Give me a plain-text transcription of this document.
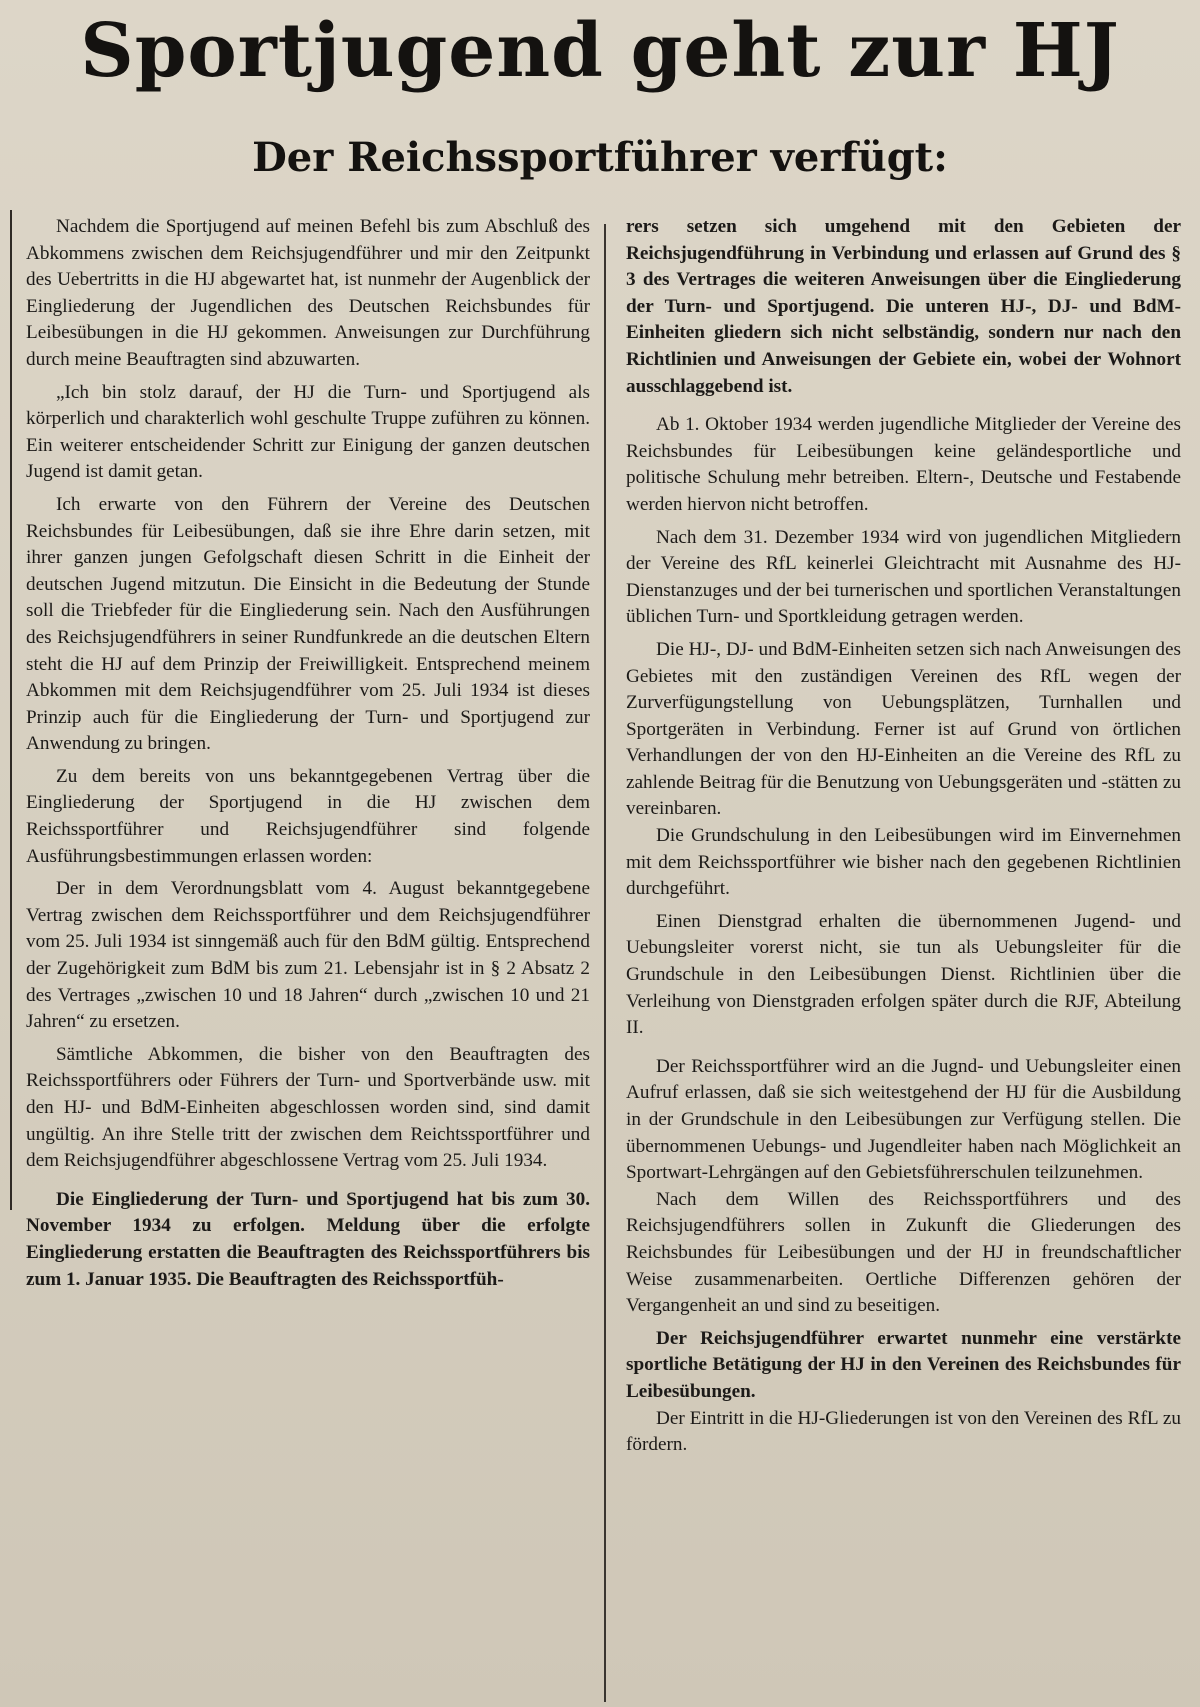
Sportjugend geht zur HJ
Der Reichssportführer verfügt:

Nachdem die Sportjugend auf meinen Befehl bis zum Abschluß des Abkommens zwischen dem Reichsjugendführer und mir den Zeitpunkt des Uebertritts in die HJ abgewartet hat, ist nunmehr der Augenblick der Eingliederung der Jugendlichen des Deutschen Reichsbundes für Leibesübungen in die HJ gekommen. Anweisungen zur Durchführung durch meine Beauftragten sind abzuwarten.

„Ich bin stolz darauf, der HJ die Turn- und Sportjugend als körperlich und charakterlich wohl geschulte Truppe zuführen zu können. Ein weiterer entscheidender Schritt zur Einigung der ganzen deutschen Jugend ist damit getan.

Ich erwarte von den Führern der Vereine des Deutschen Reichsbundes für Leibesübungen, daß sie ihre Ehre darin setzen, mit ihrer ganzen jungen Gefolgschaft diesen Schritt in die Einheit der deutschen Jugend mitzutun. Die Einsicht in die Bedeutung der Stunde soll die Triebfeder für die Eingliederung sein. Nach den Ausführungen des Reichsjugendführers in seiner Rundfunkrede an die deutschen Eltern steht die HJ auf dem Prinzip der Freiwilligkeit. Entsprechend meinem Abkommen mit dem Reichsjugendführer vom 25. Juli 1934 ist dieses Prinzip auch für die Eingliederung der Turn- und Sportjugend zur Anwendung zu bringen.

Zu dem bereits von uns bekanntgegebenen Vertrag über die Eingliederung der Sportjugend in die HJ zwischen dem Reichssportführer und Reichsjugendführer sind folgende Ausführungsbestimmungen erlassen worden:

Der in dem Verordnungsblatt vom 4. August bekanntgegebene Vertrag zwischen dem Reichssportführer und dem Reichsjugendführer vom 25. Juli 1934 ist sinngemäß auch für den BdM gültig. Entsprechend der Zugehörigkeit zum BdM bis zum 21. Lebensjahr ist in § 2 Absatz 2 des Vertrages „zwischen 10 und 18 Jahren“ durch „zwischen 10 und 21 Jahren“ zu ersetzen.

Sämtliche Abkommen, die bisher von den Beauftragten des Reichssportführers oder Führers der Turn- und Sportverbände usw. mit den HJ- und BdM-Einheiten abgeschlossen worden sind, sind damit ungültig. An ihre Stelle tritt der zwischen dem Reichtssportführer und dem Reichsjugendführer abgeschlossene Vertrag vom 25. Juli 1934.

Die Eingliederung der Turn- und Sportjugend hat bis zum 30. November 1934 zu erfolgen. Meldung über die erfolgte Eingliederung erstatten die Beauftragten des Reichssportführers bis zum 1. Januar 1935. Die Beauftragten des Reichssportfüh-

rers setzen sich umgehend mit den Gebieten der Reichsjugendführung in Verbindung und erlassen auf Grund des § 3 des Vertrages die weiteren Anweisungen über die Eingliederung der Turn- und Sportjugend. Die unteren HJ-, DJ- und BdM-Einheiten gliedern sich nicht selbständig, sondern nur nach den Richtlinien und Anweisungen der Gebiete ein, wobei der Wohnort ausschlaggebend ist.

Ab 1. Oktober 1934 werden jugendliche Mitglieder der Vereine des Reichsbundes für Leibesübungen keine geländesportliche und politische Schulung mehr betreiben. Eltern-, Deutsche und Festabende werden hiervon nicht betroffen.

Nach dem 31. Dezember 1934 wird von jugendlichen Mitgliedern der Vereine des RfL keinerlei Gleichtracht mit Ausnahme des HJ-Dienstanzuges und der bei turnerischen und sportlichen Veranstaltungen üblichen Turn- und Sportkleidung getragen werden.

Die HJ-, DJ- und BdM-Einheiten setzen sich nach Anweisungen des Gebietes mit den zuständigen Vereinen des RfL wegen der Zurverfügungstellung von Uebungsplätzen, Turnhallen und Sportgeräten in Verbindung. Ferner ist auf Grund von örtlichen Verhandlungen der von den HJ-Einheiten an die Vereine des RfL zu zahlende Beitrag für die Benutzung von Uebungsgeräten und -stätten zu vereinbaren.

Die Grundschulung in den Leibesübungen wird im Einvernehmen mit dem Reichssportführer wie bisher nach den gegebenen Richtlinien durchgeführt.

Einen Dienstgrad erhalten die übernommenen Jugend- und Uebungsleiter vorerst nicht, sie tun als Uebungsleiter für die Grundschule in den Leibesübungen Dienst. Richtlinien über die Verleihung von Dienstgraden erfolgen später durch die RJF, Abteilung II.

Der Reichssportführer wird an die Jugnd- und Uebungsleiter einen Aufruf erlassen, daß sie sich weitestgehend der HJ für die Ausbildung in der Grundschule in den Leibesübungen zur Verfügung stellen. Die übernommenen Uebungs- und Jugendleiter haben nach Möglichkeit an Sportwart-Lehrgängen auf den Gebietsführerschulen teilzunehmen.

Nach dem Willen des Reichssportführers und des Reichsjugendführers sollen in Zukunft die Gliederungen des Reichsbundes für Leibesübungen und der HJ in freundschaftlicher Weise zusammenarbeiten. Oertliche Differenzen gehören der Vergangenheit an und sind zu beseitigen.

Der Reichsjugendführer erwartet nunmehr eine verstärkte sportliche Betätigung der HJ in den Vereinen des Reichsbundes für Leibesübungen.

Der Eintritt in die HJ-Gliederungen ist von den Vereinen des RfL zu fördern.
